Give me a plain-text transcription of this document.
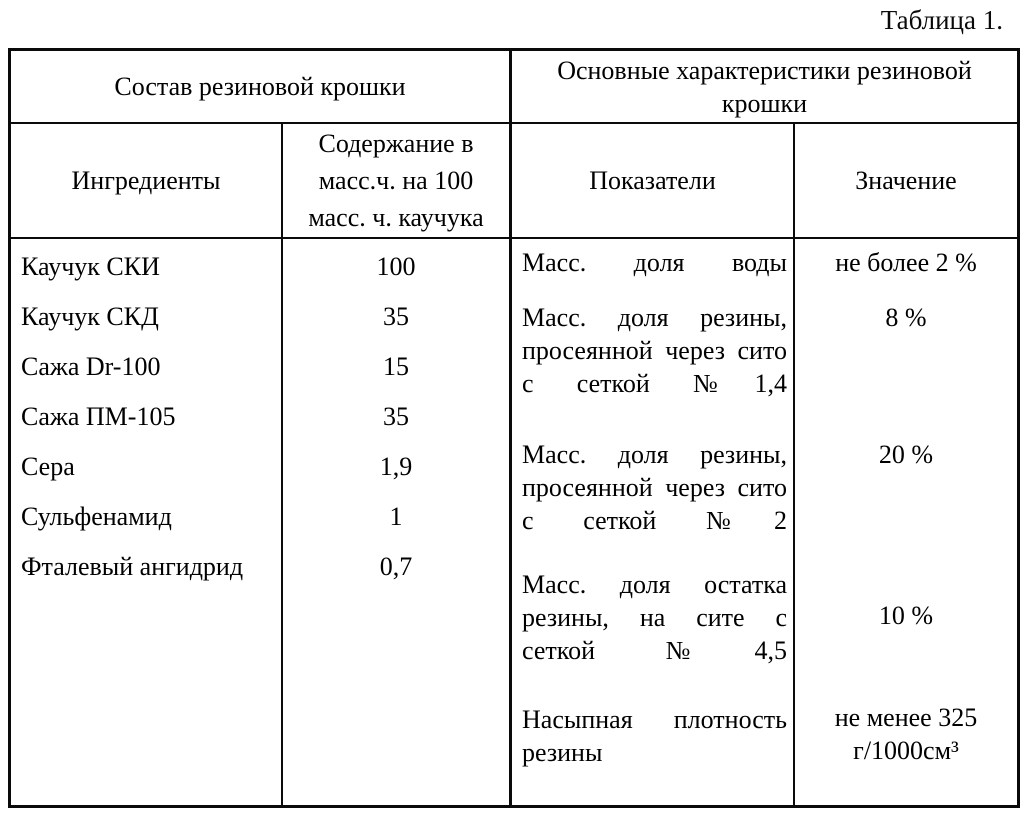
Таблица 1.
Состав резиновой крошки
Основные характеристики резиновой крошки
Ингредиенты
Содержание в масс.ч. на 100 масс. ч. каучука
Показатели	Значение
Каучук СКИ
Каучук СКД
Сажа Dr-100
Сажа ПМ-105
Сера
Сульфенамид
Фталевый ангидрид
100
35
15
35
1,9
1
0,7
Масс. доля воды
Масс. доля резины, просеянной через сито с сеткой №1,4
Масс. доля резины, просеянной через сито с сеткой №2
Масс. доля остатка резины, на сите с сеткой №4,5
Насыпная плотность резины
не более 2 %
8 %
20 %
10 %
не менее 325 г/1000см³
